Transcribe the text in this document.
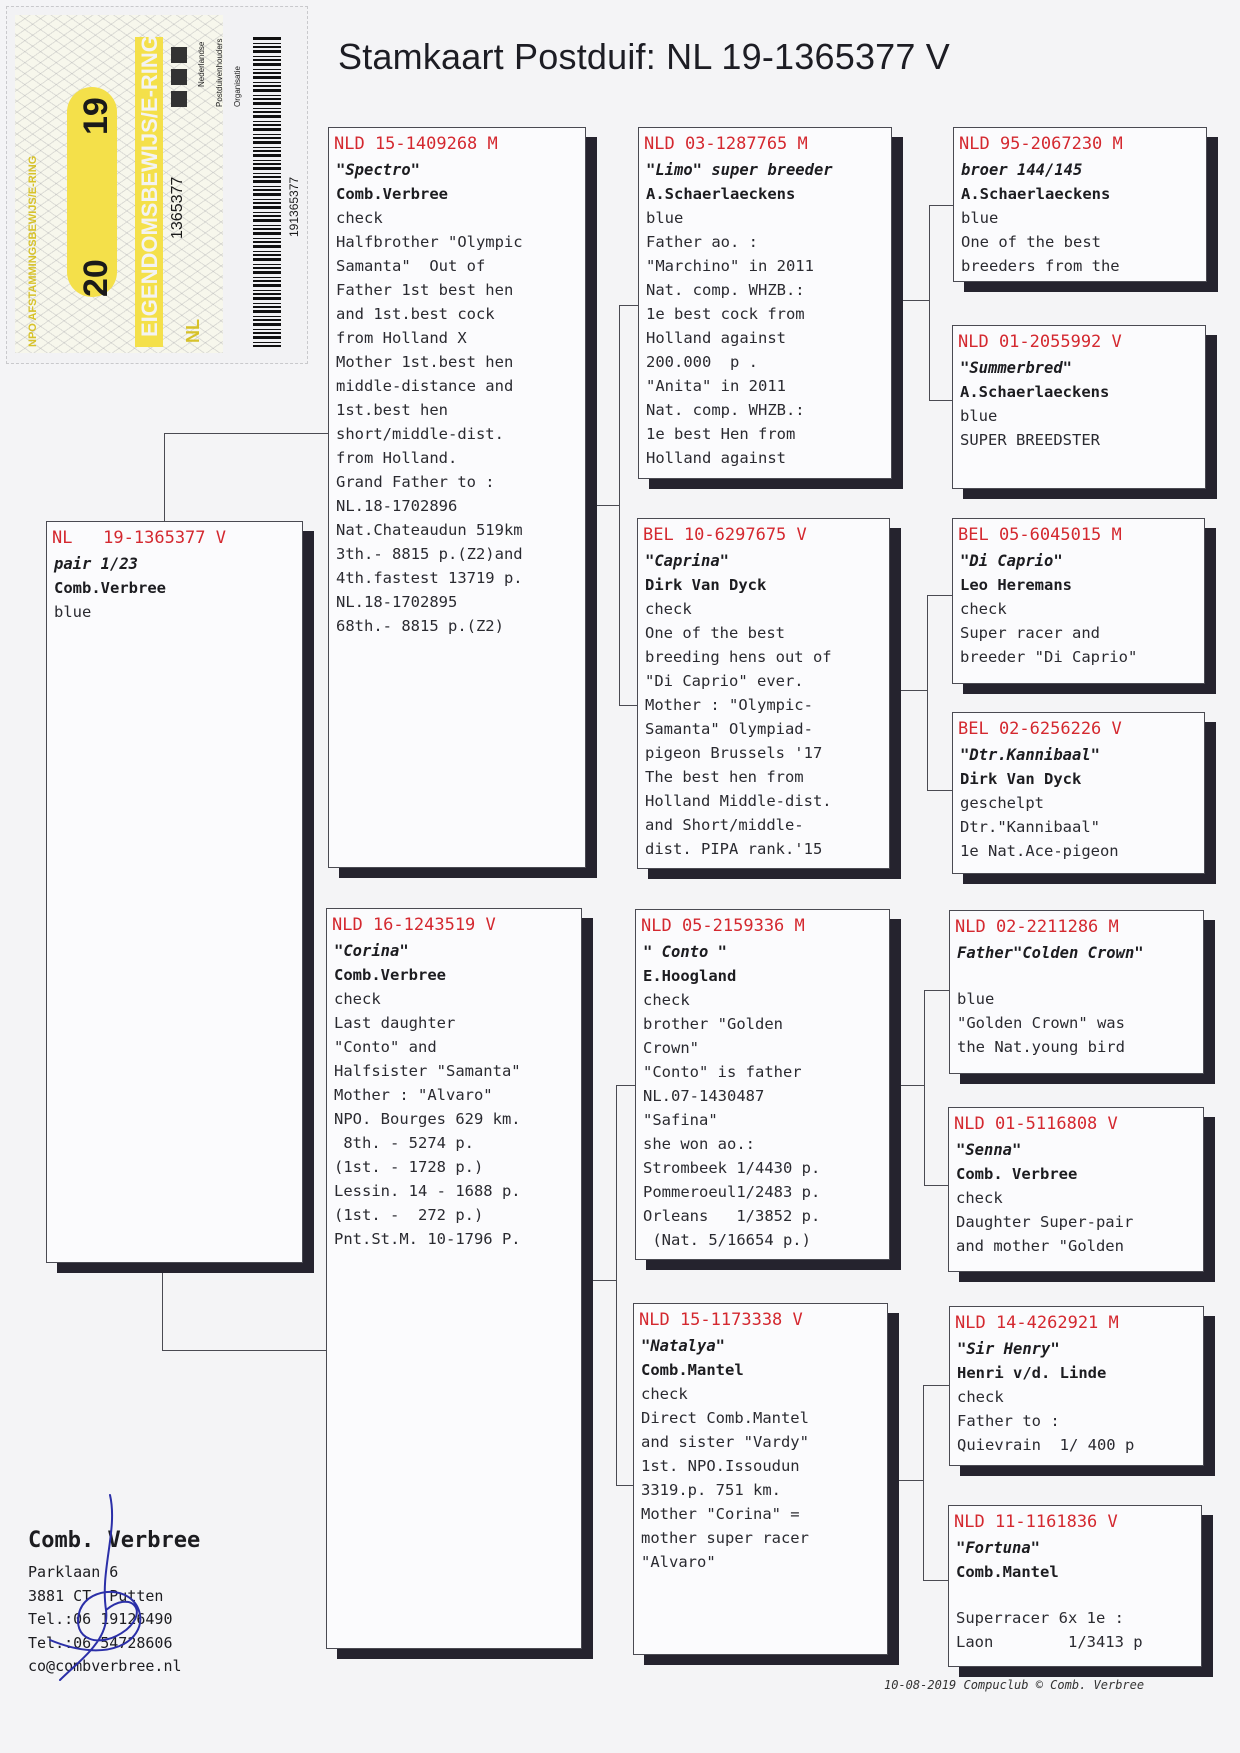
Stamkaart Postduif: NL 19-1365377 V
20
19 EIGENDOMSBEWIJS/E-RING
NPO AFSTAMMINGSBEWIJS/E-RING	1365377
NL
Nederlandse Postduivenhouders Organisatie
191365377
NL   19-1365377 V
pair 1/23
Comb.Verbree
blue
NLD 15-1409268 M
"Spectro"
Comb.Verbree
check
Halfbrother "Olympic
Samanta"  Out of
Father 1st best hen
and 1st.best cock
from Holland X
Mother 1st.best hen
middle-distance and
1st.best hen
short/middle-dist.
from Holland.
Grand Father to :
NL.18-1702896
Nat.Chateaudun 519km
3th.- 8815 p.(Z2)and
4th.fastest 13719 p.
NL.18-1702895
68th.- 8815 p.(Z2)
NLD 16-1243519 V
"Corina"
Comb.Verbree
check
Last daughter
"Conto" and
Halfsister "Samanta"
Mother : "Alvaro"
NPO. Bourges 629 km.
8th. - 5274 p.
(1st. - 1728 p.)
Lessin. 14 - 1688 p.
(1st. -  272 p.)
Pnt.St.M. 10-1796 P.
NLD 03-1287765 M
"Limo" super breeder
A.Schaerlaeckens
blue
Father ao. :
"Marchino" in 2011
Nat. comp. WHZB.:
1e best cock from
Holland against
200.000  p .
"Anita" in 2011
Nat. comp. WHZB.:
1e best Hen from
Holland against
BEL 10-6297675 V
"Caprina"
Dirk Van Dyck
check
One of the best
breeding hens out of
"Di Caprio" ever.
Mother : "Olympic-
Samanta" Olympiad-
pigeon Brussels '17
The best hen from
Holland Middle-dist.
and Short/middle-
dist. PIPA rank.'15
NLD 05-2159336 M
" Conto "
E.Hoogland
check
brother "Golden
Crown"
"Conto" is father
NL.07-1430487
"Safina"
she won ao.:
Strombeek 1/4430 p.
Pommeroeul1/2483 p.
Orleans   1/3852 p.
(Nat. 5/16654 p.)
NLD 15-1173338 V
"Natalya"
Comb.Mantel
check
Direct Comb.Mantel
and sister "Vardy"
1st. NPO.Issoudun
3319.p. 751 km.
Mother "Corina" =
mother super racer
"Alvaro"
NLD 95-2067230 M
broer 144/145
A.Schaerlaeckens
blue
One of the best
breeders from the
NLD 01-2055992 V
"Summerbred"
A.Schaerlaeckens
blue
SUPER BREEDSTER
BEL 05-6045015 M
"Di Caprio"
Leo Heremans
check
Super racer and
breeder "Di Caprio"
BEL 02-6256226 V
"Dtr.Kannibaal"
Dirk Van Dyck
geschelpt
Dtr."Kannibaal"
1e Nat.Ace-pigeon
NLD 02-2211286 M
Father"Colden Crown"
blue
"Golden Crown" was
the Nat.young bird
NLD 01-5116808 V
"Senna"
Comb. Verbree
check
Daughter Super-pair
and mother "Golden
NLD 14-4262921 M
"Sir Henry"
Henri v/d. Linde
check
Father to :
Quievrain  1/ 400 p
NLD 11-1161836 V
"Fortuna"
Comb.Mantel
Superracer 6x 1e :
Laon        1/3413 p
Comb. Verbree
Parklaan 6
3881 CT  Putten
Tel.:06 19126490
Tel.:06 54728606
co@combverbree.nl
10-08-2019 Compuclub © Comb. Verbree
